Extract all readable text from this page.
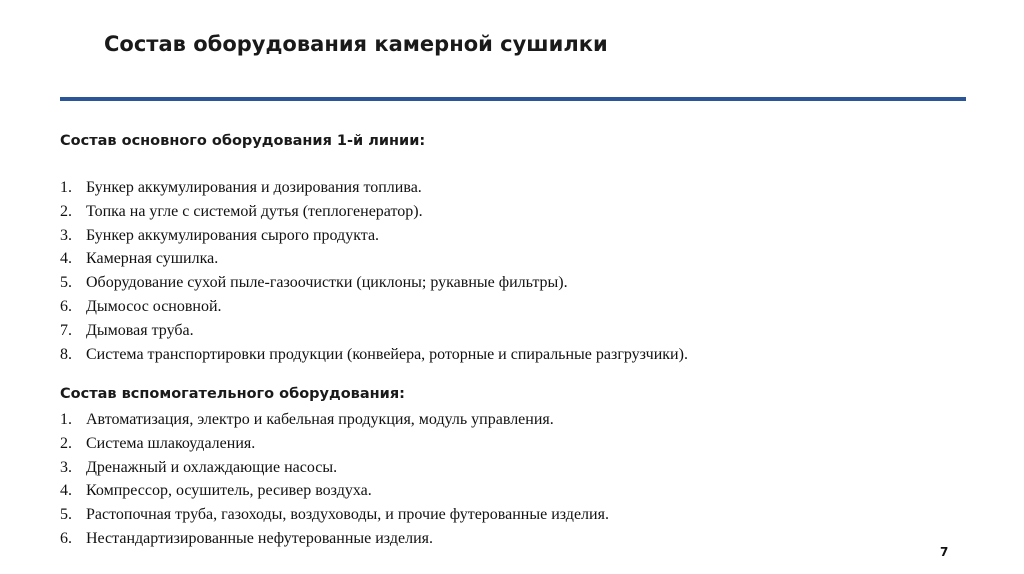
Состав оборудования камерной сушилки
Состав основного оборудования 1-й линии:
1. Бункер аккумулирования и дозирования топлива.
2. Топка на угле с системой дутья (теплогенератор).
3. Бункер аккумулирования сырого продукта.
4. Камерная сушилка.
5. Оборудование сухой пыле-газоочистки (циклоны; рукавные фильтры).
6. Дымосос основной.
7. Дымовая труба.
8. Система транспортировки продукции (конвейера, роторные и спиральные разгрузчики).
Состав вспомогательного оборудования:
1. Автоматизация, электро и кабельная продукция, модуль управления.
2. Система шлакоудаления.
3. Дренажный и охлаждающие насосы.
4. Компрессор, осушитель, ресивер воздуха.
5. Растопочная труба, газоходы, воздуховоды, и прочие футерованные изделия.
6. Нестандартизированные нефутерованные изделия.
7
